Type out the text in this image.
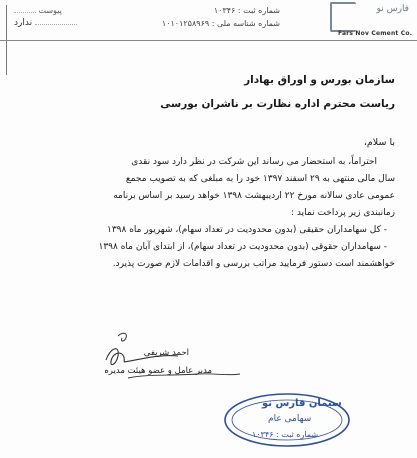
پیوست
ندارد
شماره ثبت : ۱۰۳۴۶
شماره شناسه ملی : ۱۰۱۰۱۲۵۸۹۶۹
فارس نو
Fars Nov Cement Co.
سازمان بورس و اوراق بهادار
ریاست محترم اداره نظارت بر ناشران بورسی
با سلام،

احتراماً، به استحضار می رساند این شرکت در نظر دارد سود نقدی

سال مالی منتهی به ۲۹ اسفند ۱۳۹۷ خود را به مبلغی که به تصویب مجمع

عمومی عادی سالانه مورخ ۲۲ اردیبهشت ۱۳۹۸ خواهد رسید بر اساس برنامه

زمانبندی زیر پرداخت نماید :

- کل سهامداران حقیقی (بدون محدودیت در تعداد سهام)، شهریور ماه ۱۳۹۸

- سهامداران حقوقی (بدون محدودیت در تعداد سهام)، از ابتدای آبان ماه ۱۳۹۸

خواهشمند است دستور فرمایید مراتب بررسی و اقدامات لازم صورت پذیرد.

احمد شریفی
مدیر عامل و عضو هیئت مدیره
سیمان فارس نو
سهامی عام
شماره ثبت : ۱۰۳۴۶
